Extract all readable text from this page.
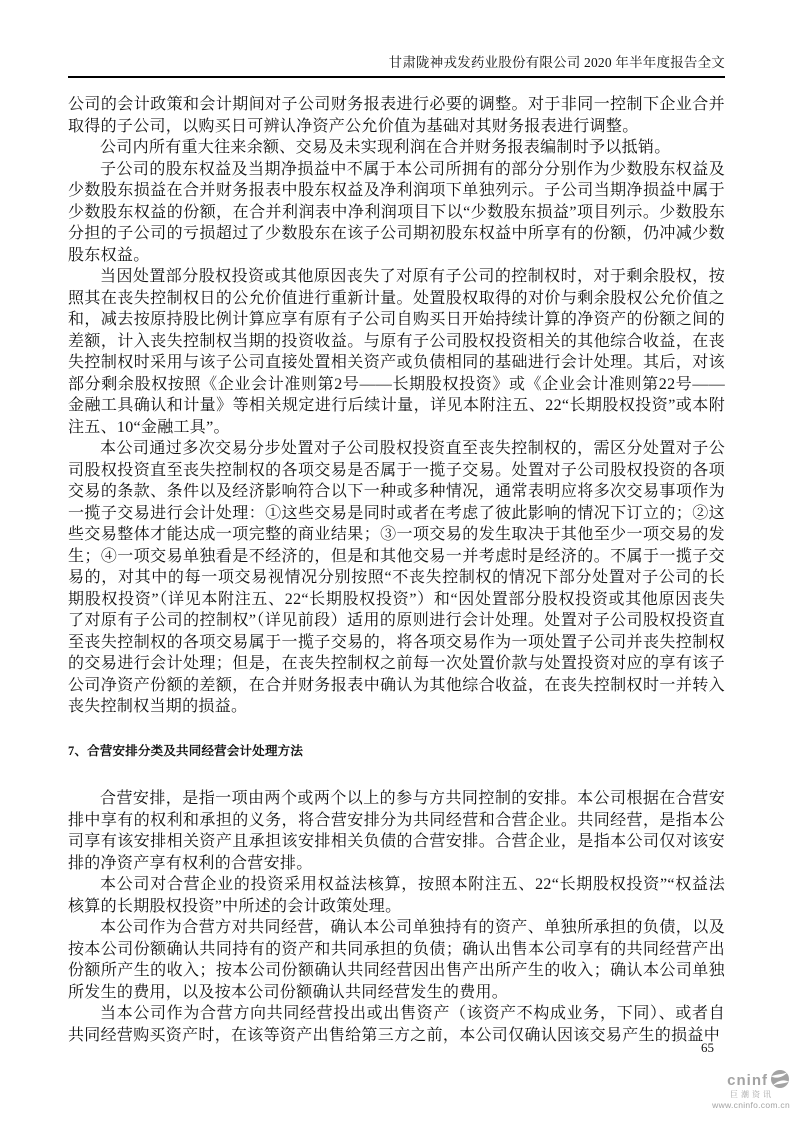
甘肃陇神戎发药业股份有限公司 2020 年半年度报告全文

公司的会计政策和会计期间对子公司财务报表进行必要的调整。对于非同一控制下企业合并取得的子公司，以购买日可辨认净资产公允价值为基础对其财务报表进行调整。

公司内所有重大往来余额、交易及未实现利润在合并财务报表编制时予以抵销。

子公司的股东权益及当期净损益中不属于本公司所拥有的部分分别作为少数股东权益及少数股东损益在合并财务报表中股东权益及净利润项下单独列示。子公司当期净损益中属于少数股东权益的份额，在合并利润表中净利润项目下以“少数股东损益”项目列示。少数股东分担的子公司的亏损超过了少数股东在该子公司期初股东权益中所享有的份额，仍冲减少数股东权益。

当因处置部分股权投资或其他原因丧失了对原有子公司的控制权时，对于剩余股权，按照其在丧失控制权日的公允价值进行重新计量。处置股权取得的对价与剩余股权公允价值之和，减去按原持股比例计算应享有原有子公司自购买日开始持续计算的净资产的份额之间的差额，计入丧失控制权当期的投资收益。与原有子公司股权投资相关的其他综合收益，在丧失控制权时采用与该子公司直接处置相关资产或负债相同的基础进行会计处理。其后，对该部分剩余股权按照《企业会计准则第2号——长期股权投资》或《企业会计准则第22号——金融工具确认和计量》等相关规定进行后续计量，详见本附注五、22“长期股权投资”或本附注五、10“金融工具”。

本公司通过多次交易分步处置对子公司股权投资直至丧失控制权的，需区分处置对子公司股权投资直至丧失控制权的各项交易是否属于一揽子交易。处置对子公司股权投资的各项交易的条款、条件以及经济影响符合以下一种或多种情况，通常表明应将多次交易事项作为一揽子交易进行会计处理：①这些交易是同时或者在考虑了彼此影响的情况下订立的；②这些交易整体才能达成一项完整的商业结果；③一项交易的发生取决于其他至少一项交易的发生；④一项交易单独看是不经济的，但是和其他交易一并考虑时是经济的。不属于一揽子交易的，对其中的每一项交易视情况分别按照“不丧失控制权的情况下部分处置对子公司的长期股权投资”（详见本附注五、22“长期股权投资”）和“因处置部分股权投资或其他原因丧失了对原有子公司的控制权”（详见前段）适用的原则进行会计处理。处置对子公司股权投资直至丧失控制权的各项交易属于一揽子交易的，将各项交易作为一项处置子公司并丧失控制权的交易进行会计处理；但是，在丧失控制权之前每一次处置价款与处置投资对应的享有该子公司净资产份额的差额，在合并财务报表中确认为其他综合收益，在丧失控制权时一并转入丧失控制权当期的损益。

7、合营安排分类及共同经营会计处理方法

合营安排，是指一项由两个或两个以上的参与方共同控制的安排。本公司根据在合营安排中享有的权利和承担的义务，将合营安排分为共同经营和合营企业。共同经营，是指本公司享有该安排相关资产且承担该安排相关负债的合营安排。合营企业，是指本公司仅对该安排的净资产享有权利的合营安排。

本公司对合营企业的投资采用权益法核算，按照本附注五、22“长期股权投资”“权益法核算的长期股权投资”中所述的会计政策处理。

本公司作为合营方对共同经营，确认本公司单独持有的资产、单独所承担的负债，以及按本公司份额确认共同持有的资产和共同承担的负债；确认出售本公司享有的共同经营产出份额所产生的收入；按本公司份额确认共同经营因出售产出所产生的收入；确认本公司单独所发生的费用，以及按本公司份额确认共同经营发生的费用。

当本公司作为合营方向共同经营投出或出售资产（该资产不构成业务，下同）、或者自共同经营购买资产时，在该等资产出售给第三方之前，本公司仅确认因该交易产生的损益中

65
cninf
巨潮资讯
www.cninfo.com.cn
